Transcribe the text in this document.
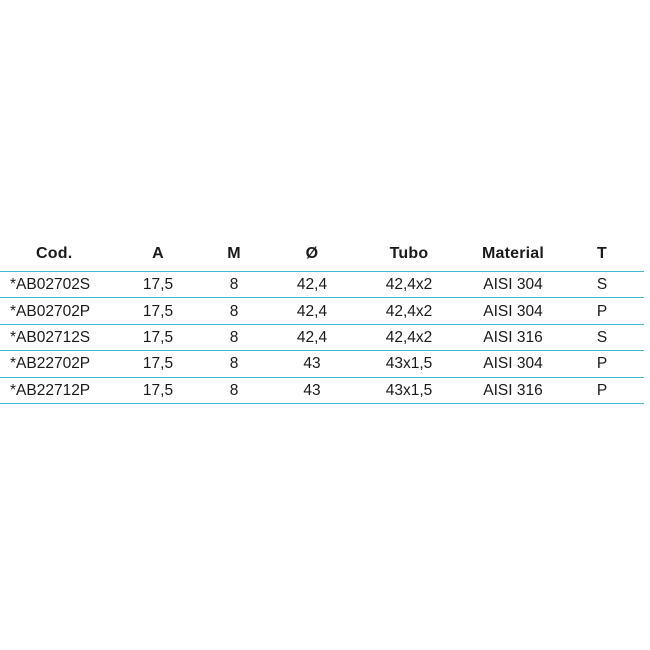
Cod.	A	M	Ø	Tubo	Material	T
*AB02702S	17,5	8	42,4	42,4x2	AISI 304	S
*AB02702P	17,5	8	42,4	42,4x2	AISI 304	P
*AB02712S	17,5	8	42,4	42,4x2	AISI 316	S
*AB22702P	17,5	8	43	43x1,5	AISI 304	P
*AB22712P	17,5	8	43	43x1,5	AISI 316	P
